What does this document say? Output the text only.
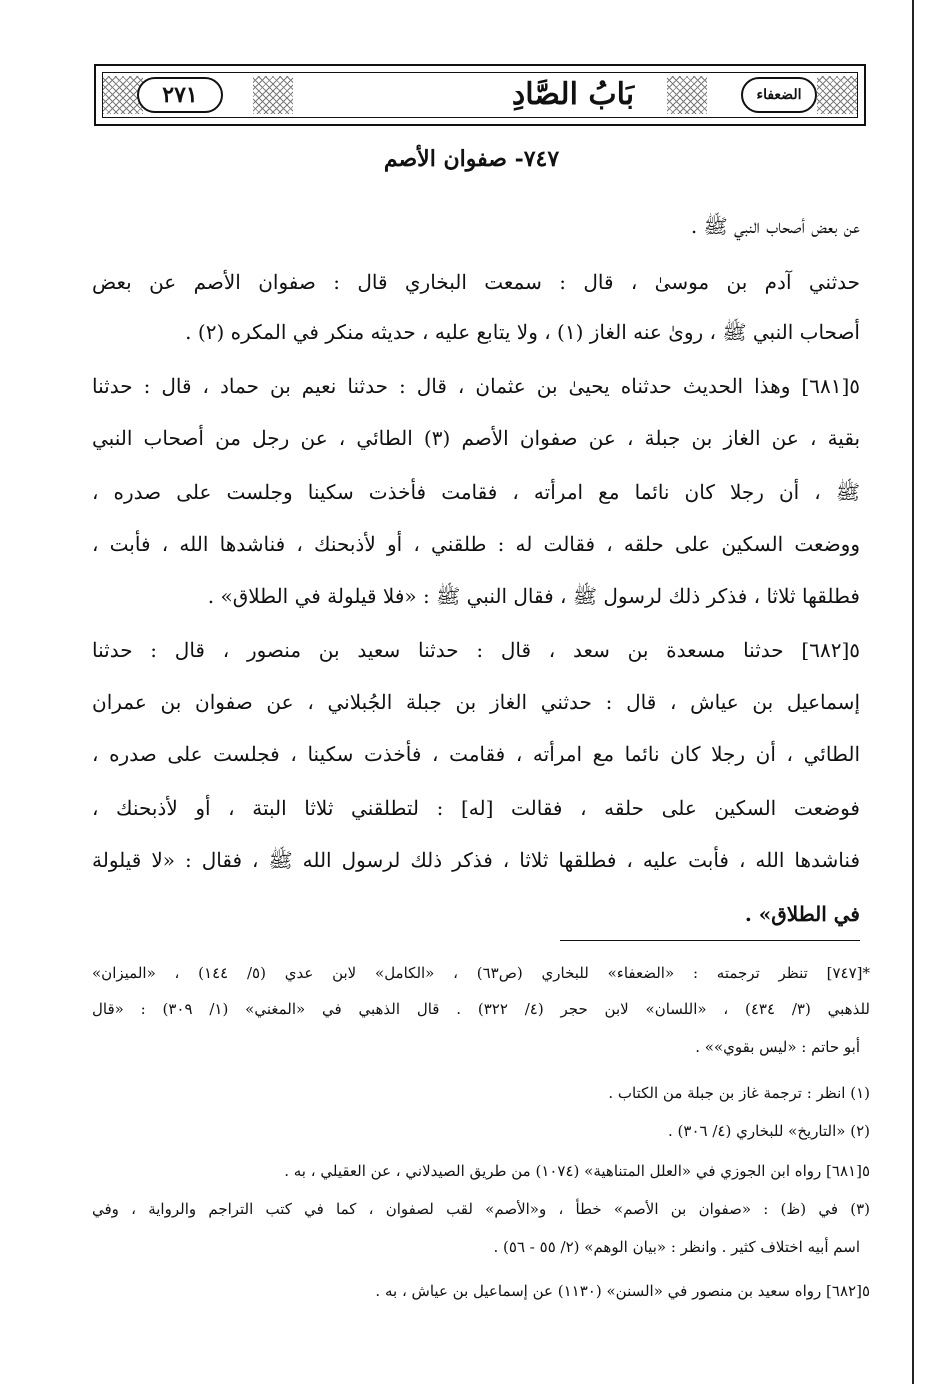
٢٧١	بَابُ الصَّادِ	الضعفاء
٧٤٧- صفوان الأصم
عن بعض أصحاب النبي ﷺ .
حدثني آدم بن موسىٰ ، قال : سمعت البخاري قال : صفوان الأصم عن بعض
أصحاب النبي ﷺ ، روىٰ عنه الغاز (١) ، ولا يتابع عليه ، حديثه منكر في المكره (٢) .
٥[٦٨١] وهذا الحديث حدثناه يحيىٰ بن عثمان ، قال : حدثنا نعيم بن حماد ، قال : حدثنا
بقية ، عن الغاز بن جبلة ، عن صفوان الأصم (٣) الطائي ، عن رجل من أصحاب النبي
ﷺ ، أن رجلا كان نائما مع امرأته ، فقامت فأخذت سكينا وجلست على صدره ،
ووضعت السكين على حلقه ، فقالت له : طلقني ، أو لأذبحنك ، فناشدها الله ، فأبت ،
فطلقها ثلاثا ، فذكر ذلك لرسول ﷺ ، فقال النبي ﷺ : «فلا قيلولة في الطلاق» .
٥[٦٨٢] حدثنا مسعدة بن سعد ، قال : حدثنا سعيد بن منصور ، قال : حدثنا
إسماعيل بن عياش ، قال : حدثني الغاز بن جبلة الجُبلاني ، عن صفوان بن عمران
الطائي ، أن رجلا كان نائما مع امرأته ، فقامت ، فأخذت سكينا ، فجلست على صدره ،
فوضعت السكين على حلقه ، فقالت [له] : لتطلقني ثلاثا البتة ، أو لأذبحنك ،
فناشدها الله ، فأبت عليه ، فطلقها ثلاثا ، فذكر ذلك لرسول الله ﷺ ، فقال : «لا قيلولة
في الطلاق» .
*[٧٤٧] تنظر ترجمته : «الضعفاء» للبخاري (ص٦٣) ، «الكامل» لابن عدي (٥/ ١٤٤) ، «الميزان»
للذهبي (٣/ ٤٣٤) ، «اللسان» لابن حجر (٤/ ٣٢٢) . قال الذهبي في «المغني» (١/ ٣٠٩) : «قال
أبو حاتم : «ليس بقوي»» .
(١) انظر : ترجمة غاز بن جبلة من الكتاب .
(٢) «التاريخ» للبخاري (٤/ ٣٠٦) .
٥[٦٨١] رواه ابن الجوزي في «العلل المتناهية» (١٠٧٤) من طريق الصيدلاني ، عن العقيلي ، به .
(٣) في (ظ) : «صفوان بن الأصم» خطأ ، و«الأصم» لقب لصفوان ، كما في كتب التراجم والرواية ، وفي
اسم أبيه اختلاف كثير . وانظر : «بيان الوهم» (٢/ ٥٥ - ٥٦) .
٥[٦٨٢] رواه سعيد بن منصور في «السنن» (١١٣٠) عن إسماعيل بن عياش ، به .
